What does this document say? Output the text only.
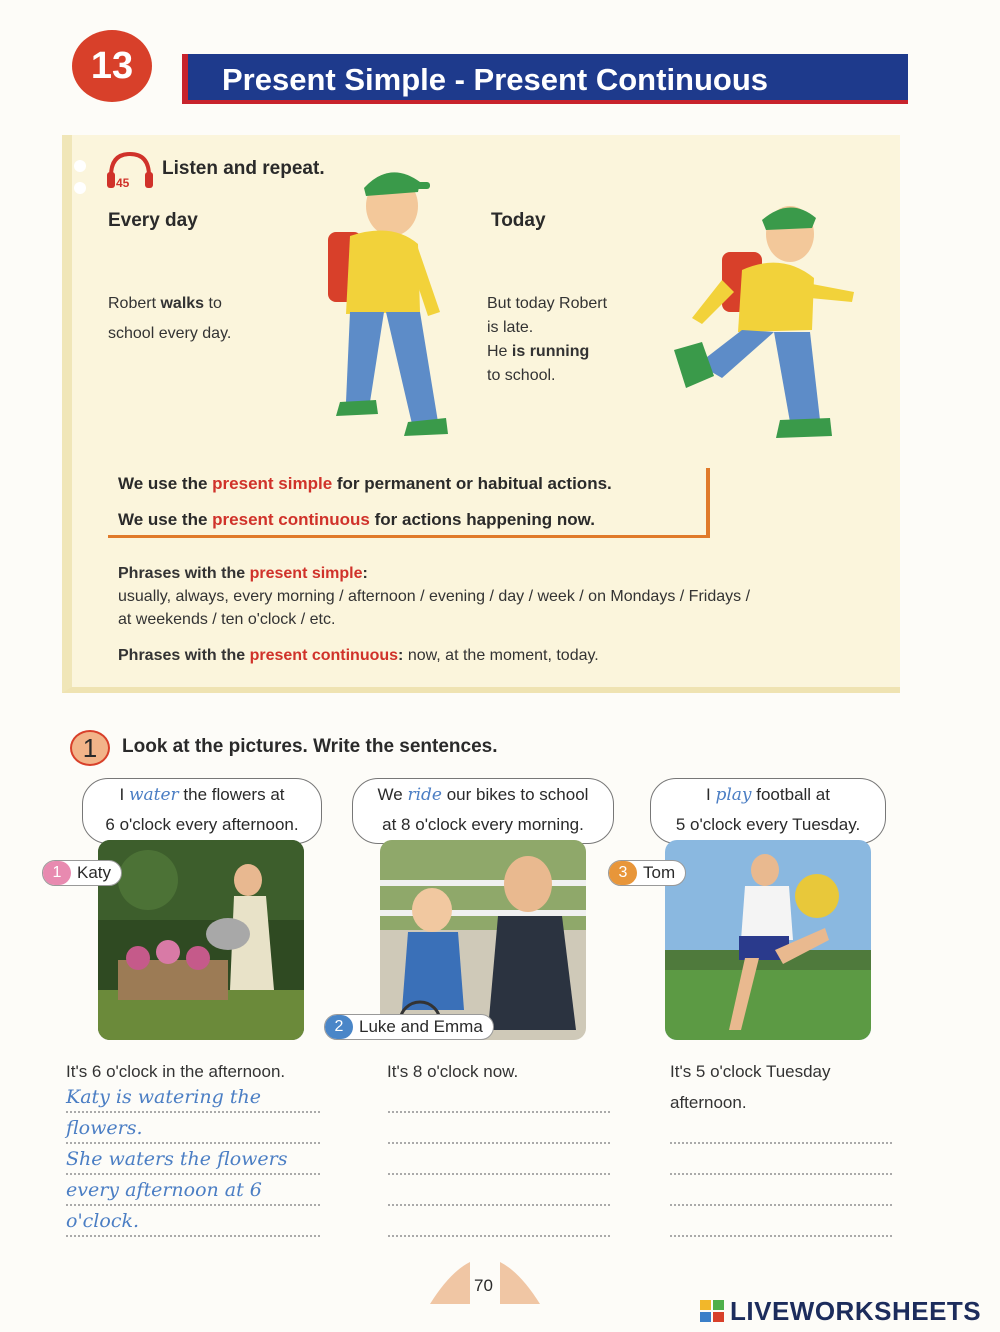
13	Present Simple - Present Continuous
45
Listen and repeat.
Every day
Robert walks to
school every day.
Today
But today Robert
is late.
He is running
to school.
We use the present simple for permanent or habitual actions.
We use the present continuous for actions happening now.
Phrases with the present simple:
usually, always, every morning / afternoon / evening / day / week / on Mondays / Fridays /
at weekends / ten o'clock / etc.
Phrases with the present continuous: now, at the moment, today.
1	Look at the pictures. Write the sentences.
I water the flowers at
6 o'clock every afternoon.
1 Katy
It's 6 o'clock in the afternoon.
Katy is watering the
flowers.
She waters the flowers
every afternoon at 6
o'clock.
We ride our bikes to school
at 8 o'clock every morning.
2 Luke and Emma
It's 8 o'clock now.
I play football at
5 o'clock every Tuesday.
3 Tom
It's 5 o'clock Tuesday
afternoon.
70
LIVEWORKSHEETS
